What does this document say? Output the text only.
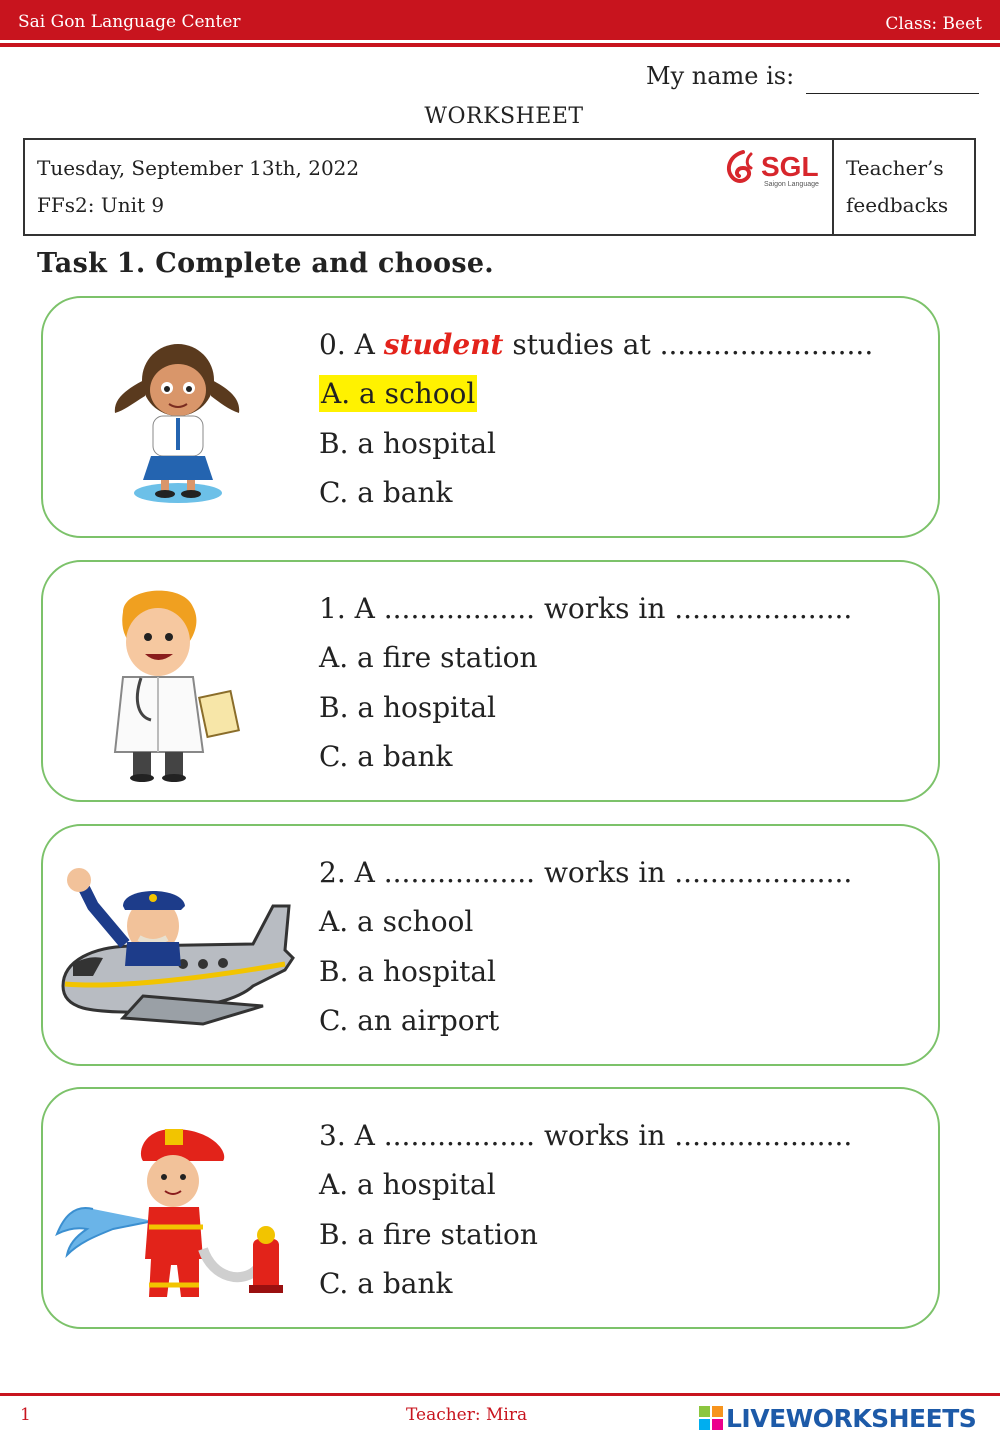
Sai Gon Language Center	Class: Beet
My name is:
WORKSHEET
Tuesday, September 13th, 2022
FFs2: Unit 9
SGL
Saigon Language
Teacher’s
feedbacks
Task 1. Complete and choose.
0. A student studies at ........................
A. a school
B. a hospital
C. a bank
1. A ................. works in ....................
A. a fire station
B. a hospital
C. a bank
2. A ................. works in ....................
A. a school
B. a hospital
C. an airport
3. A ................. works in ....................
A. a hospital
B. a fire station
C. a bank
1	Teacher: Mira	LIVEWORKSHEETS
